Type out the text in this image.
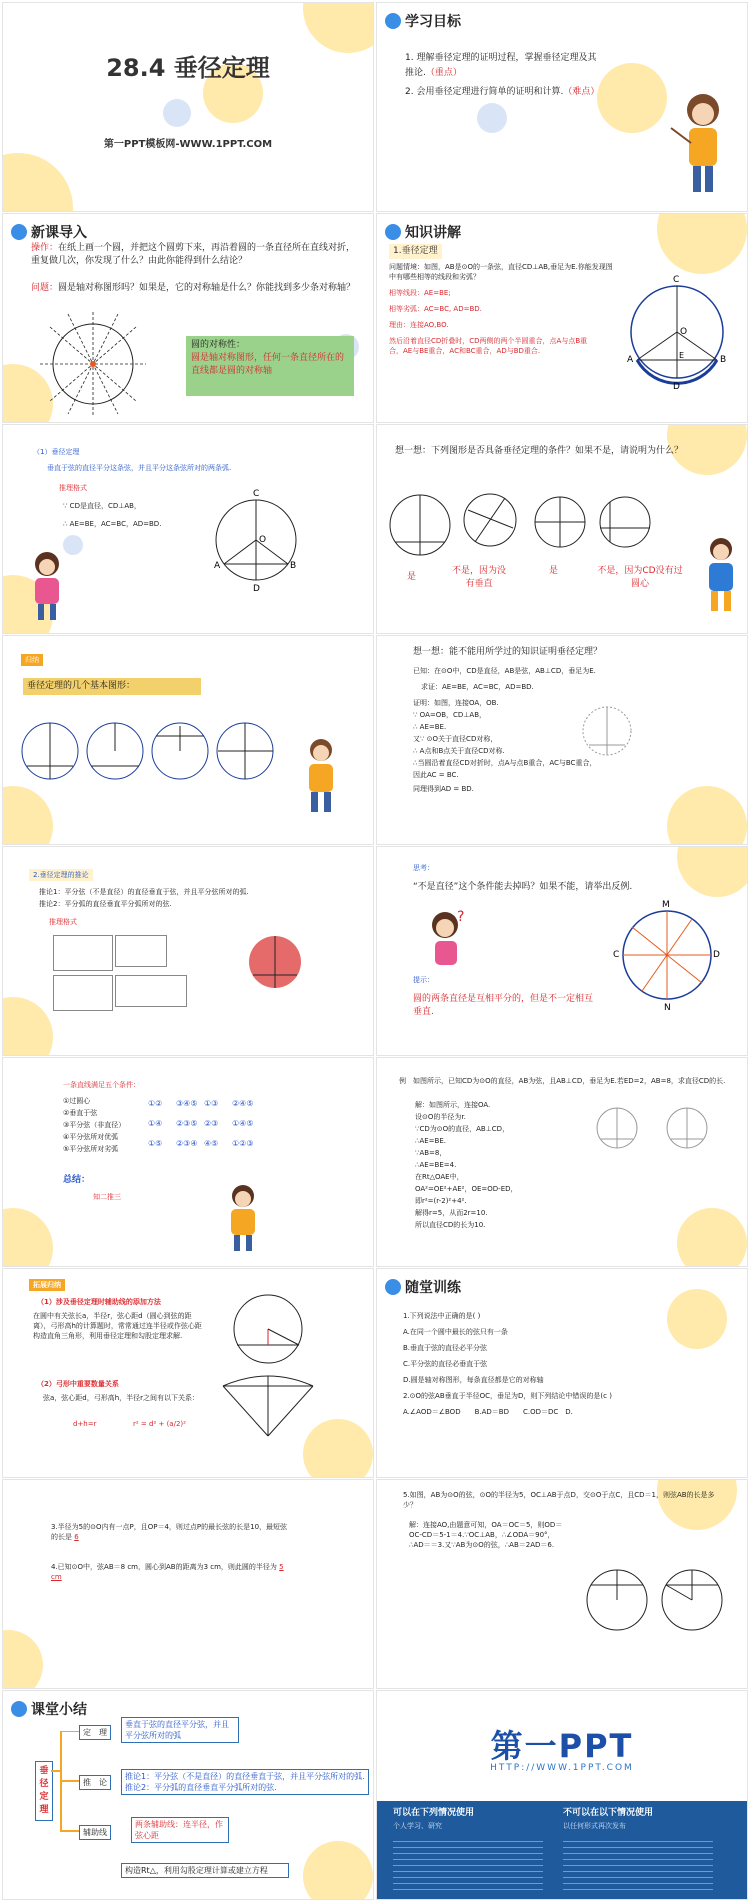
28.4 垂径定理
第一PPT模板网-WWW.1PPT.COM
学习目标
1. 理解垂径定理的证明过程，掌握垂径定理及其推论.（重点）
2. 会用垂径定理进行简单的证明和计算.（难点）
新课导入
操作：在纸上画一个圆，并把这个圆剪下来，再沿着圆的一条直径所在直线对折，重复做几次，你发现了什么？由此你能得到什么结论？
问题：圆是轴对称图形吗？如果是，它的对称轴是什么？你能找到多少条对称轴？
圆的对称性：
圆是轴对称图形，任何一条直径所在的直线都是圆的对称轴
知识讲解
1.垂径定理
问题情境：如图，AB是⊙O的一条弦，直径CD⊥AB,垂足为E.你能发现图中有哪些相等的线段和劣弧？
相等线段：AE=BE;
相等劣弧：AC=BC, AD=BD.
理由：连接AO,BO.
然后沿着直径CD折叠时，CD两侧的两个半圆重合，点A与点B重合，AE与BE重合，AC和BC重合，AD与BD重合.
C
O
A	B
D
E
（1）垂径定理
垂直于弦的直径平分这条弦，并且平分这条弦所对的两条弧.
推理格式
∵ CD是直径，CD⊥AB，
∴ AE=BE，AC=BC，AD=BD.
C
O
A	B
D
想一想：下列图形是否具备垂径定理的条件？如果不是，请说明为什么？
是
不是，因为没有垂直
是	不是，因为CD没有过圆心
归纳
垂径定理的几个基本图形：
想一想：能不能用所学过的知识证明垂径定理？
已知：在⊙O中，CD是直径，AB是弦，AB⊥CD，垂足为E.
求证：AE=BE，AC=BC，AD=BD.
证明：如图，连接OA，OB.
∵ OA=OB，CD⊥AB，
∴ AE=BE.
又∵ ⊙O关于直径CD对称，
∴ A点和B点关于直径CD对称.
∴当圆沿着直径CD对折时，点A与点B重合，AC与BC重合，
因此AC = BC.
同理得到AD = BD.
2.垂径定理的推论
推论1：平分弦（不是直径）的直径垂直于弦，并且平分弦所对的弧.
推论2：平分弧的直径垂直平分弧所对的弦.
推理格式
思考：
“不是直径”这个条件能去掉吗？如果不能，请举出反例.
?
提示：
圆的两条直径是互相平分的，但是不一定相互垂直.
M
C	D
N
一条直线满足五个条件：
①过圆心
②垂直于弦
③平分弦（非直径）
④平分弦所对优弧
⑤平分弦所对劣弧
①② ③④⑤ ①③ ②④⑤
①④ ②③⑤ ②③ ①④⑤
①⑤ ②③④ ④⑤ ①②③
总结：
知二推三
例　如图所示，已知CD为⊙O的直径，AB为弦，且AB⊥CD，垂足为E.若ED=2，AB=8，求直径CD的长.
解：如图所示，连接OA.
设⊙O的半径为r.
∵CD为⊙O的直径，AB⊥CD，
∴AE=BE.
∵AB=8，
∴AE=BE=4.
在Rt△OAE中，
OA²=OE²+AE²，OE=OD-ED，
即r²=(r-2)²+4².
解得r=5，从而2r=10.
所以直径CD的长为10.
拓展归纳
（1）涉及垂径定理时辅助线的添加方法
在圆中有关弦长a，半径r，弦心距d（圆心到弦的距离），弓形高h的计算题时，常常通过连半径或作弦心距构造直角三角形，利用垂径定理和勾股定理求解.
（2）弓形中重要数量关系
弦a，弦心距d，弓形高h，半径r之间有以下关系：
d+h=r	r² = d² + (a/2)²
随堂训练
1.下列说法中正确的是( )
A.在同一个圆中最长的弦只有一条
B.垂直于弦的直径必平分弦
C.平分弦的直径必垂直于弦
D.圆是轴对称图形，每条直径都是它的对称轴
2.⊙O的弦AB垂直于半径OC，垂足为D，则下列结论中错误的是(c )
A.∠AOD＝∠BOD　　B.AD＝BD　　C.OD＝DC　D.
3.半径为5的⊙O内有一点P，且OP＝4，则过点P的最长弦的长是10，最短弦的长是 6
4.已知⊙O中，弦AB＝8 cm，圆心到AB的距离为3 cm，则此圆的半径为 5 cm
5.如图，AB为⊙O的弦，⊙O的半径为5，OC⊥AB于点D，交⊙O于点C，且CD＝1，则弦AB的长是多少？
解：连接AO,由题意可知，OA＝OC＝5，则OD＝OC-CD＝5-1＝4.∵OC⊥AB，∴∠ODA＝90°，∴AD＝＝3.又∵AB为⊙O的弦，∴AB＝2AD＝6.
课堂小结
垂径定理
定　理
垂直于弦的直径平分弦，并且平分弦所对的弧
推　论
推论1：平分弦（不是直径）的直径垂直于弦，并且平分弦所对的弧.推论2：平分弧的直径垂直平分弧所对的弦.
辅助线
两条辅助线：连半径，作弦心距
构造Rt△，利用勾股定理计算或建立方程
第一PPT
HTTP://WWW.1PPT.COM
可以在下列情况使用
个人学习、研究
不可以在以下情况使用
以任何形式再次发布
